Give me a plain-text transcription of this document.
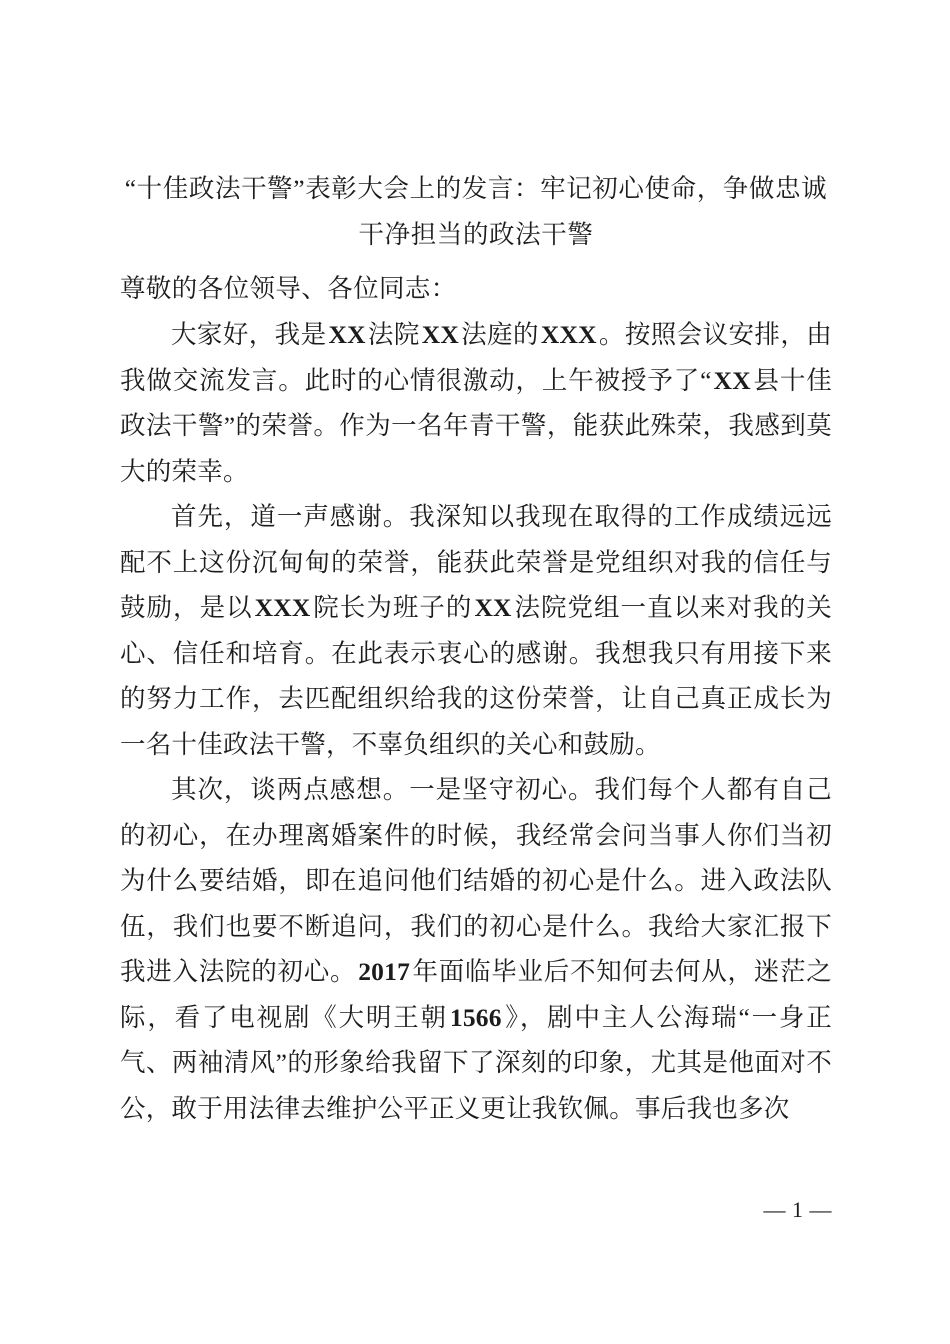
“十佳政法干警”表彰大会上的发言：牢记初心使命，争做忠诚干净担当的政法干警

尊敬的各位领导、各位同志：

大家好，我是XX法院XX法庭的XXX。按照会议安排，由我做交流发言。此时的心情很激动，上午被授予了“XX县十佳政法干警”的荣誉。作为一名年青干警，能获此殊荣，我感到莫大的荣幸。

首先，道一声感谢。我深知以我现在取得的工作成绩远远配不上这份沉甸甸的荣誉，能获此荣誉是党组织对我的信任与鼓励，是以XXX院长为班子的XX法院党组一直以来对我的关心、信任和培育。在此表示衷心的感谢。我想我只有用接下来的努力工作，去匹配组织给我的这份荣誉，让自己真正成长为一名十佳政法干警，不辜负组织的关心和鼓励。

其次，谈两点感想。一是坚守初心。我们每个人都有自己的初心，在办理离婚案件的时候，我经常会问当事人你们当初为什么要结婚，即在追问他们结婚的初心是什么。进入政法队伍，我们也要不断追问，我们的初心是什么。我给大家汇报下我进入法院的初心。2017年面临毕业后不知何去何从，迷茫之际，看了电视剧《大明王朝1566》，剧中主人公海瑞“一身正气、两袖清风”的形象给我留下了深刻的印象，尤其是他面对不公，敢于用法律去维护公平正义更让我钦佩。事后我也多次

— 1 —
